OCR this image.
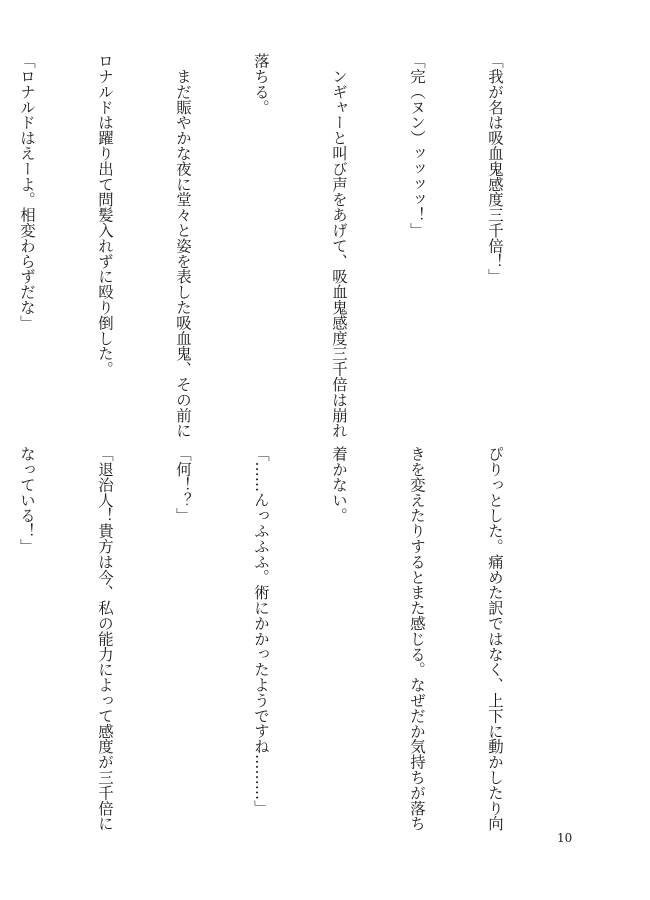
「我が名は吸血鬼感度三千倍！」

「完（ヌン）ッッッッ！」

　ンギャーと叫び声をあげて、吸血鬼感度三千倍は崩れ

落ちる。

　まだ賑やかな夜に堂々と姿を表した吸血鬼、その前に

ロナルドは躍り出て問髪入れずに殴り倒した。

「ロナルドはえーよ。相変わらずだな」

ぴりっとした。痛めた訳ではなく、上下に動かしたり向

きを変えたりするとまた感じる。なぜだか気持ちが落ち

着かない。

「……んっふふふ。術にかかったようですね………」

「何！？」

「退治人！貴方は今、私の能力によって感度が三千倍に

なっている！」

10
